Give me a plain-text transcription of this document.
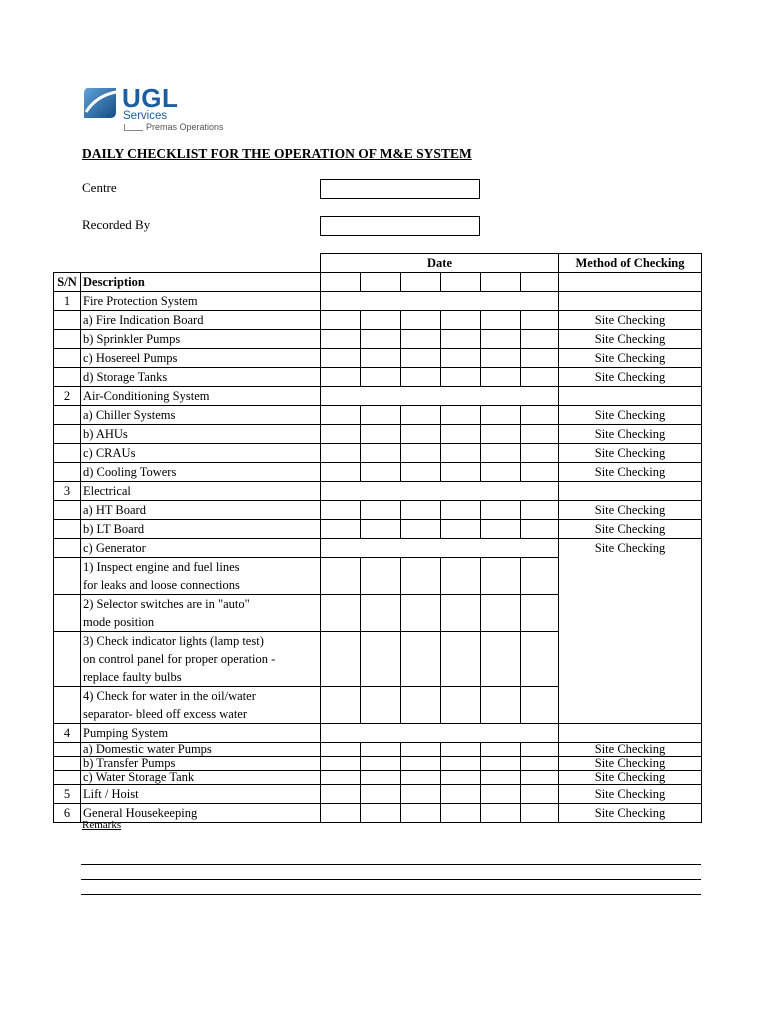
UGL
Services
Premas Operations
DAILY CHECKLIST FOR THE OPERATION OF M&E SYSTEM
Centre
Recorded By
		Date						Method of Checking
S/N	Description							
1	Fire Protection System							
	a) Fire Indication Board							Site Checking
	b) Sprinkler Pumps							Site Checking
	c) Hosereel Pumps							Site Checking
	d) Storage Tanks							Site Checking
2	Air-Conditioning System							
	a) Chiller Systems							Site Checking
	b) AHUs							Site Checking
	c) CRAUs							Site Checking
	d) Cooling Towers							Site Checking
3	Electrical							
	a) HT Board							Site Checking
	b) LT Board							Site Checking
	c) Generator							Site Checking

	1) Inspect engine and fuel lines
for leaks and loose connections							

	2) Selector switches are in "auto"
mode position							

	3) Check indicator lights (lamp test)
on control panel for proper operation -
replace faulty bulbs							

	4) Check for water in the oil/water
separator- bleed off excess water							

4	Pumping System							
	a) Domestic water Pumps							Site Checking
	b) Transfer Pumps							Site Checking
	c) Water Storage Tank							Site Checking
5	Lift / Hoist							Site Checking
6	General Housekeeping							Site Checking
Remarks
